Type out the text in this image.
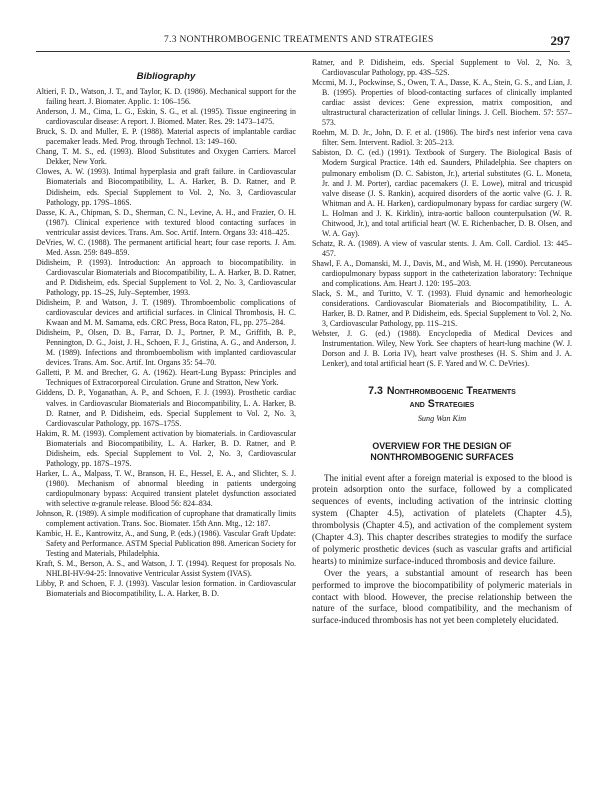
7.3 NONTHROMBOGENIC TREATMENTS AND STRATEGIES	297
Bibliography

Altieri, F. D., Watson, J. T., and Taylor, K. D. (1986). Mechanical support for the failing heart. J. Biomater. Applic. 1: 106–156.

Anderson, J. M., Cima, L. G., Eskin, S. G., et al. (1995). Tissue engineering in cardiovascular disease: A report. J. Biomed. Mater. Res. 29: 1473–1475.

Bruck, S. D. and Muller, E. P. (1988). Material aspects of implantable cardiac pacemaker leads. Med. Prog. through Technol. 13: 149–160.

Chang, T. M. S., ed. (1993). Blood Substitutes and Oxygen Carriers. Marcel Dekker, New York.

Clowes, A. W. (1993). Intimal hyperplasia and graft failure. in Cardiovascular Biomaterials and Biocompatibility, L. A. Harker, B. D. Ratner, and P. Didisheim, eds. Special Supplement to Vol. 2, No. 3, Cardiovascular Pathology, pp. 179S–186S.

Dasse, K. A., Chipman, S. D., Sherman, C. N., Levine, A. H., and Frazier, O. H. (1987). Clinical experience with textured blood contacting surfaces in ventricular assist devices. Trans. Am. Soc. Artif. Intern. Organs 33: 418–425.

DeVries, W. C. (1988). The permanent artificial heart; four case reports. J. Am. Med. Assn. 259: 849–859.

Didisheim, P. (1993). Introduction: An approach to biocompatibility. in Cardiovascular Biomaterials and Biocompatibility, L. A. Harker, B. D. Ratner, and P. Didisheim, eds. Special Supplement to Vol. 2, No. 3, Cardiovascular Pathology, pp. 1S–2S, July–September, 1993.

Didisheim, P. and Watson, J. T. (1989). Thromboembolic complications of cardiovascular devices and artificial surfaces. in Clinical Thrombosis, H. C. Kwaan and M. M. Samama, eds. CRC Press, Boca Raton, FL, pp. 275–284.

Didisheim, P., Olsen, D. B., Farrar, D. J., Portner, P. M., Griffith, B. P., Pennington, D. G., Joist, J. H., Schoen, F. J., Gristina, A. G., and Anderson, J. M. (1989). Infections and thromboembolism with implanted cardiovascular devices. Trans. Am. Soc. Artif. Int. Organs 35: 54–70.

Galletti, P. M. and Brecher, G. A. (1962). Heart-Lung Bypass: Principles and Techniques of Extracorporeal Circulation. Grune and Stratton, New York.

Giddens, D. P., Yoganathan, A. P., and Schoen, F. J. (1993). Prosthetic cardiac valves. in Cardiovascular Biomaterials and Biocompatibility, L. A. Harker, B. D. Ratner, and P. Didisheim, eds. Special Supplement to Vol. 2, No. 3, Cardiovascular Pathology, pp. 167S–175S.

Hakim, R. M. (1993). Complement activation by biomaterials. in Cardiovascular Biomaterials and Biocompatibility, L. A. Harker, B. D. Ratner, and P. Didisheim, eds. Special Supplement to Vol. 2, No. 3, Cardiovascular Pathology, pp. 187S–197S.

Harker, L. A., Malpass, T. W., Branson, H. E., Hessel, E. A., and Slichter, S. J. (1980). Mechanism of abnormal bleeding in patients undergoing cardiopulmonary bypass: Acquired transient platelet dysfunction associated with selective α-granule release. Blood 56: 824–834.

Johnson, R. (1989). A simple modification of cuprophane that dramatically limits complement activation. Trans. Soc. Biomater. 15th Ann. Mtg., 12: 187.

Kambic, H. E., Kantrowitz, A., and Sung, P. (eds.) (1986). Vascular Graft Update: Safety and Performance. ASTM Special Publication 898. American Society for Testing and Materials, Philadelphia.

Kraft, S. M., Berson, A. S., and Watson, J. T. (1994). Request for proposals No. NHLBI-HV-94-25: Innovative Ventricular Assist System (IVAS).

Libby, P. and Schoen, F. J. (1993). Vascular lesion formation. in Cardiovascular Biomaterials and Biocompatibility, L. A. Harker, B. D.

Ratner, and P. Didisheim, eds. Special Supplement to Vol. 2, No. 3, Cardiovascular Pathology, pp. 43S–52S.

Mccmi, M. J., Pockwinse, S., Owen, T. A., Dasse, K. A., Stein, G. S., and Lian, J. B. (1995). Properties of blood-contacting surfaces of clinically implanted cardiac assist devices: Gene expression, matrix composition, and ultrastructural characterization of cellular linings. J. Cell. Biochem. 57: 557–573.

Roehm, M. D. Jr., John, D. F. et al. (1986). The bird's nest inferior vena cava filter. Sem. Intervent. Radiol. 3: 205–213.

Sabiston, D. C. (ed.) (1991). Textbook of Surgery. The Biological Basis of Modern Surgical Practice. 14th ed. Saunders, Philadelphia. See chapters on pulmonary embolism (D. C. Sabiston, Jr.), arterial substitutes (G. L. Moneta, Jr. and J. M. Porter), cardiac pacemakers (J. E. Lowe), mitral and tricuspid valve disease (J. S. Rankin), acquired disorders of the aortic valve (G. J. R. Whitman and A. H. Harken), cardiopulmonary bypass for cardiac surgery (W. L. Holman and J. K. Kirklin), intra-aortic balloon counterpulsation (W. R. Chitwood, Jr.), and total artificial heart (W. E. Richenbacher, D. B. Olsen, and W. A. Gay).

Schatz, R. A. (1989). A view of vascular stents. J. Am. Coll. Cardiol. 13: 445–457.

Shawl, F. A., Domanski, M. J., Davis, M., and Wish, M. H. (1990). Percutaneous cardiopulmonary bypass support in the catheterization laboratory: Technique and complications. Am. Heart J. 120: 195–203.

Slack, S. M., and Turitto, V. T. (1993). Fluid dynamic and hemorheologic considerations. Cardiovascular Biomaterials and Biocompatibility, L. A. Harker, B. D. Ratner, and P. Didisheim, eds. Special Supplement to Vol. 2, No. 3, Cardiovascular Pathology, pp. 11S–21S.

Webster, J. G. (ed.) (1988). Encyclopedia of Medical Devices and Instrumentation. Wiley, New York. See chapters of heart-lung machine (W. J. Dorson and J. B. Loria IV), heart valve prostheses (H. S. Shim and J. A. Lenker), and total artificial heart (S. F. Yared and W. C. DeVries).

7.3 Nonthrombogenic Treatments
and Strategies
Sung Wan Kim
OVERVIEW FOR THE DESIGN OF
NONTHROMBOGENIC SURFACES

The initial event after a foreign material is exposed to the blood is protein adsorption onto the surface, followed by a complicated sequences of events, including activation of the intrinsic clotting system (Chapter 4.5), activation of platelets (Chapter 4.5), thrombolysis (Chapter 4.5), and activation of the complement system (Chapter 4.3). This chapter describes strategies to modify the surface of polymeric prosthetic devices (such as vascular grafts and artificial hearts) to minimize surface-induced thrombosis and device failure.

Over the years, a substantial amount of research has been performed to improve the biocompatibility of polymeric materials in contact with blood. However, the precise relationship between the nature of the surface, blood compatibility, and the mechanism of surface-induced thrombosis has not yet been completely elucidated.
